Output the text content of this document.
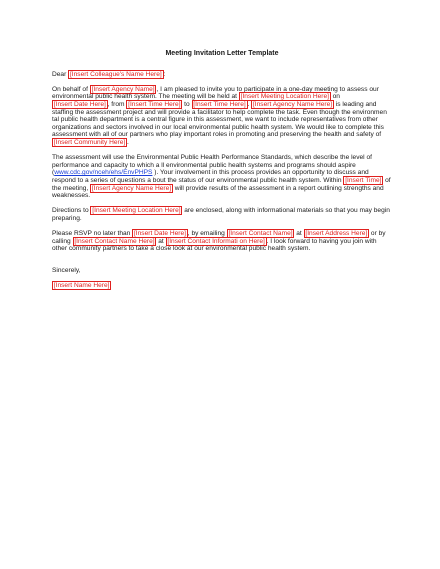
Meeting Invitation Letter Template

Dear [Insert Colleague's Name Here] :

On behalf of [Insert Agency Name] , I am pleased to invite you to participate in a one-day meeting to assess our environmental public health system. The meeting will be held at [Insert Meeting Location Here] on [Insert Date Here] , from [Insert Time Here] to [Insert Time Here] . [Insert Agency Name Here] is leading and staffing the assessment project and will provide a facilitator to help complete the task. Even though the environmen tal public health department is a central figure in this assessment, we want to include representatives from other organizations and sectors involved in our local environmental public health system. We would like to complete this assessment with all of our partners who play important roles in promoting and preserving the health and safety of [Insert Community Here] .

The assessment will use the Environmental Public Health Performance Standards, which describe the level of performance and capacity to which a ll environmental public health systems and programs should aspire (www.cdc.gov/nceh/ehs/EnvPHPS ). Your involvement in this process provides an opportunity to discuss and respond to a series of questions a bout the status of our environmental public health system. Within [Insert Time] of the meeting, [Insert Agency Name Here] will provide results of the assessment in a report outlining strengths and weaknesses.

Directions to [Insert Meeting Location Here] are enclosed, along with informational materials so that you may begin preparing.

Please RSVP no later than [Insert Date Here] , by emailing [Insert Contact Name] at [Insert Address Here] or by calling [Insert Contact Name Here] at [Insert Contact Informati on Here] . I look forward to having you join with other community partners to take a close look at our environmental public health system.

Sincerely,

[Insert Name Here]
